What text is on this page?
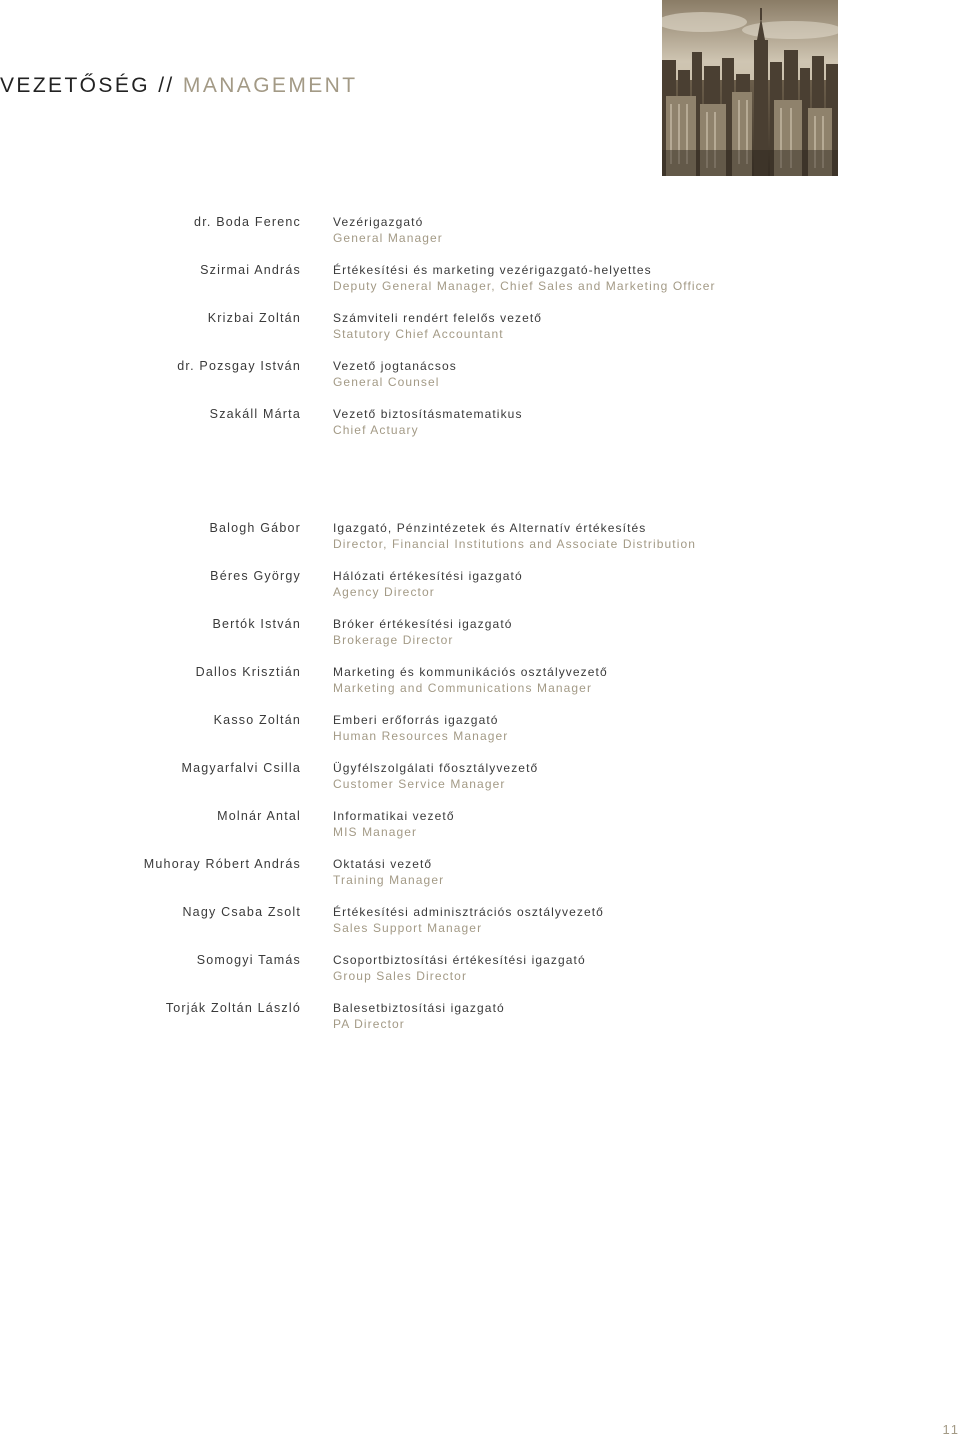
VEZETŐSÉG // MANAGEMENT
dr. Boda Ferenc	Vezérigazgató
General Manager
Szirmai András	Értékesítési és marketing vezérigazgató-helyettes
Deputy General Manager, Chief Sales and Marketing Officer
Krizbai Zoltán	Számviteli rendért felelős vezető
Statutory Chief Accountant
dr. Pozsgay István	Vezető jogtanácsos
General Counsel
Szakáll Márta	Vezető biztosításmatematikus
Chief Actuary
Balogh Gábor	Igazgató, Pénzintézetek és Alternatív értékesítés
Director, Financial Institutions and Associate Distribution
Béres György	Hálózati értékesítési igazgató
Agency Director
Bertók István	Bróker értékesítési igazgató
Brokerage Director
Dallos Krisztián	Marketing és kommunikációs osztályvezető
Marketing and Communications Manager
Kasso Zoltán	Emberi erőforrás igazgató
Human Resources Manager
Magyarfalvi Csilla	Ügyfélszolgálati főosztályvezető
Customer Service Manager
Molnár Antal	Informatikai vezető
MIS Manager
Muhoray Róbert András	Oktatási vezető
Training Manager
Nagy Csaba Zsolt	Értékesítési adminisztrációs osztályvezető
Sales Support Manager
Somogyi Tamás	Csoportbiztosítási értékesítési igazgató
Group Sales Director
Torják Zoltán László	Balesetbiztosítási igazgató
PA Director
11
